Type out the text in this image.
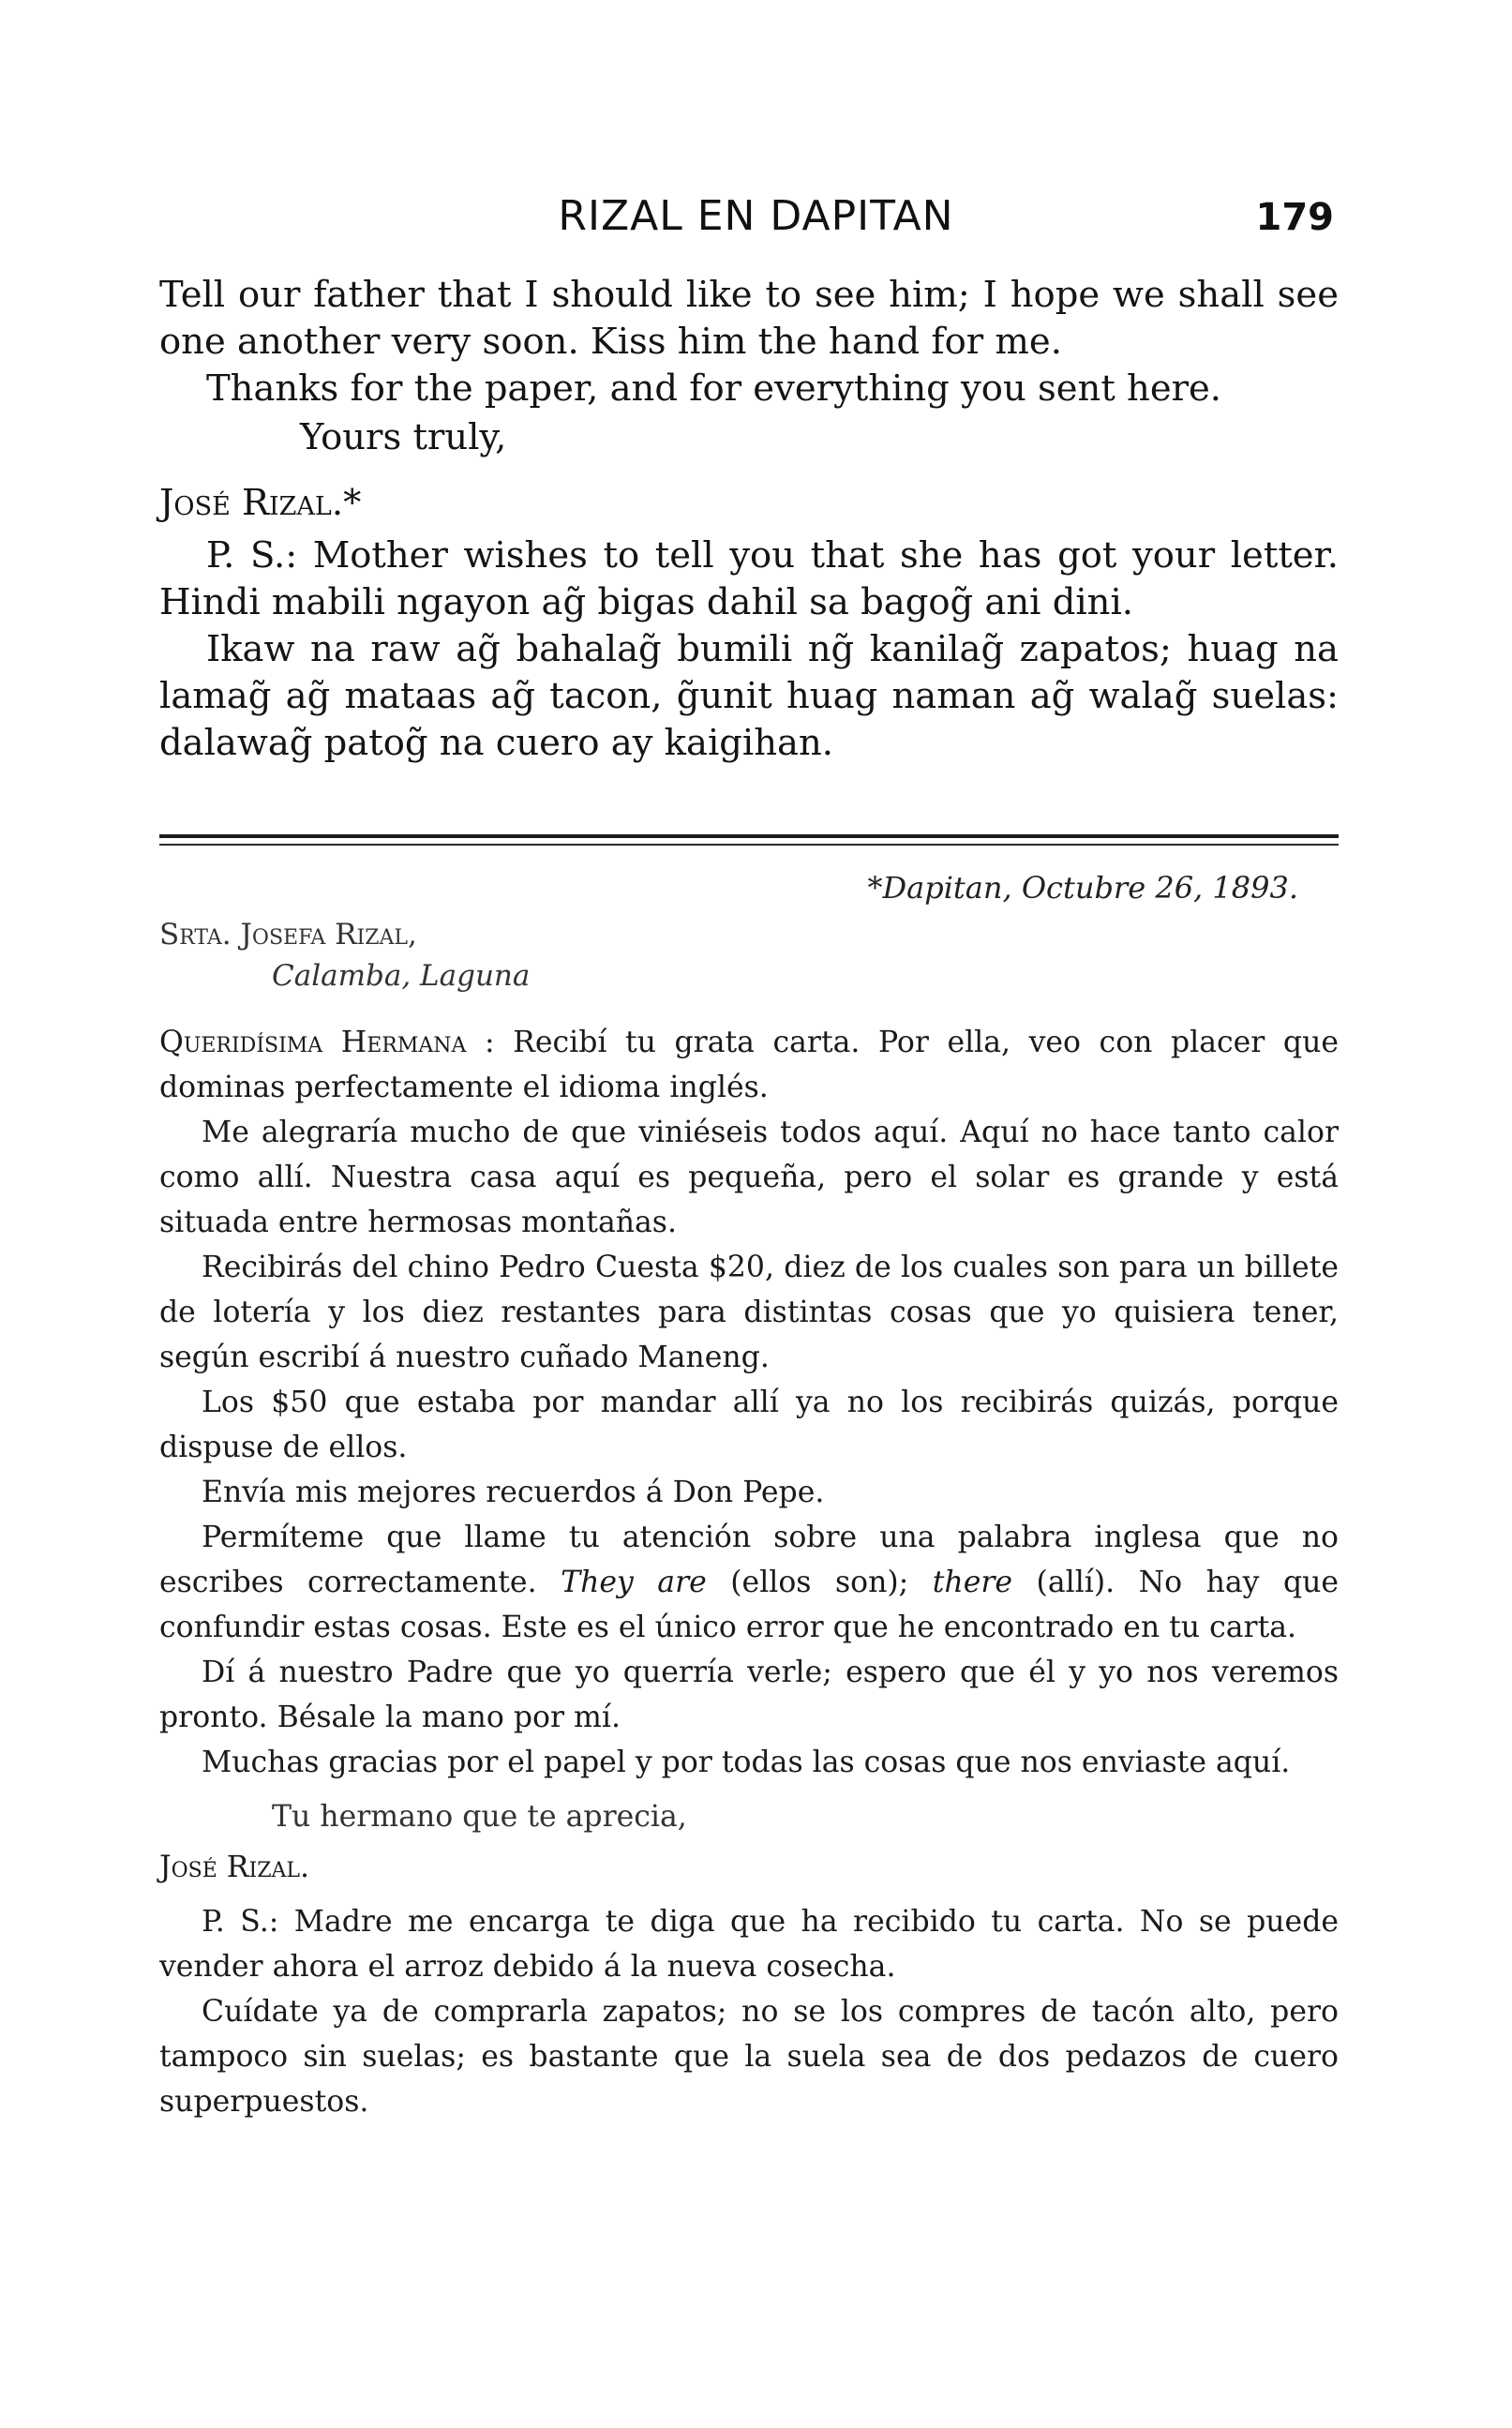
RIZAL EN DAPITAN	179

Tell our father that I should like to see him; I hope we shall see one another very soon. Kiss him the hand for me.

Thanks for the paper, and for everything you sent here.

Yours truly,

José Rizal.*

P. S.: Mother wishes to tell you that she has got your letter. Hindi mabili ngayon ag̃ bigas dahil sa bagog̃ ani dini.

Ikaw na raw ag̃ bahalag̃ bumili ng̃ kanilag̃ zapatos; huag na lamag̃ ag̃ mataas ag̃ tacon, g̃unit huag naman ag̃ walag̃ suelas: dalawag̃ patog̃ na cuero ay kaigihan.

*Dapitan, Octubre 26, 1893.
Srta. Josefa Rizal,
Calamba, Laguna

Queridísima Hermana : Recibí tu grata carta. Por ella, veo con placer que dominas perfectamente el idioma inglés.

Me alegraría mucho de que viniéseis todos aquí. Aquí no hace tanto calor como allí. Nuestra casa aquí es pequeña, pero el solar es grande y está situada entre hermosas montañas.

Recibirás del chino Pedro Cuesta $20, diez de los cuales son para un billete de lotería y los diez restantes para distintas cosas que yo quisiera tener, según escribí á nuestro cuñado Maneng.

Los $50 que estaba por mandar allí ya no los recibirás quizás, porque dispuse de ellos.

Envía mis mejores recuerdos á Don Pepe.

Permíteme que llame tu atención sobre una palabra inglesa que no escribes correctamente. They are (ellos son); there (allí). No hay que confundir estas cosas. Este es el único error que he encontrado en tu carta.

Dí á nuestro Padre que yo querría verle; espero que él y yo nos veremos pronto. Bésale la mano por mí.

Muchas gracias por el papel y por todas las cosas que nos enviaste aquí.

Tu hermano que te aprecia,

José Rizal.

P. S.: Madre me encarga te diga que ha recibido tu carta. No se puede vender ahora el arroz debido á la nueva cosecha.

Cuídate ya de comprarla zapatos; no se los compres de tacón alto, pero tampoco sin suelas; es bastante que la suela sea de dos pedazos de cuero superpuestos.
